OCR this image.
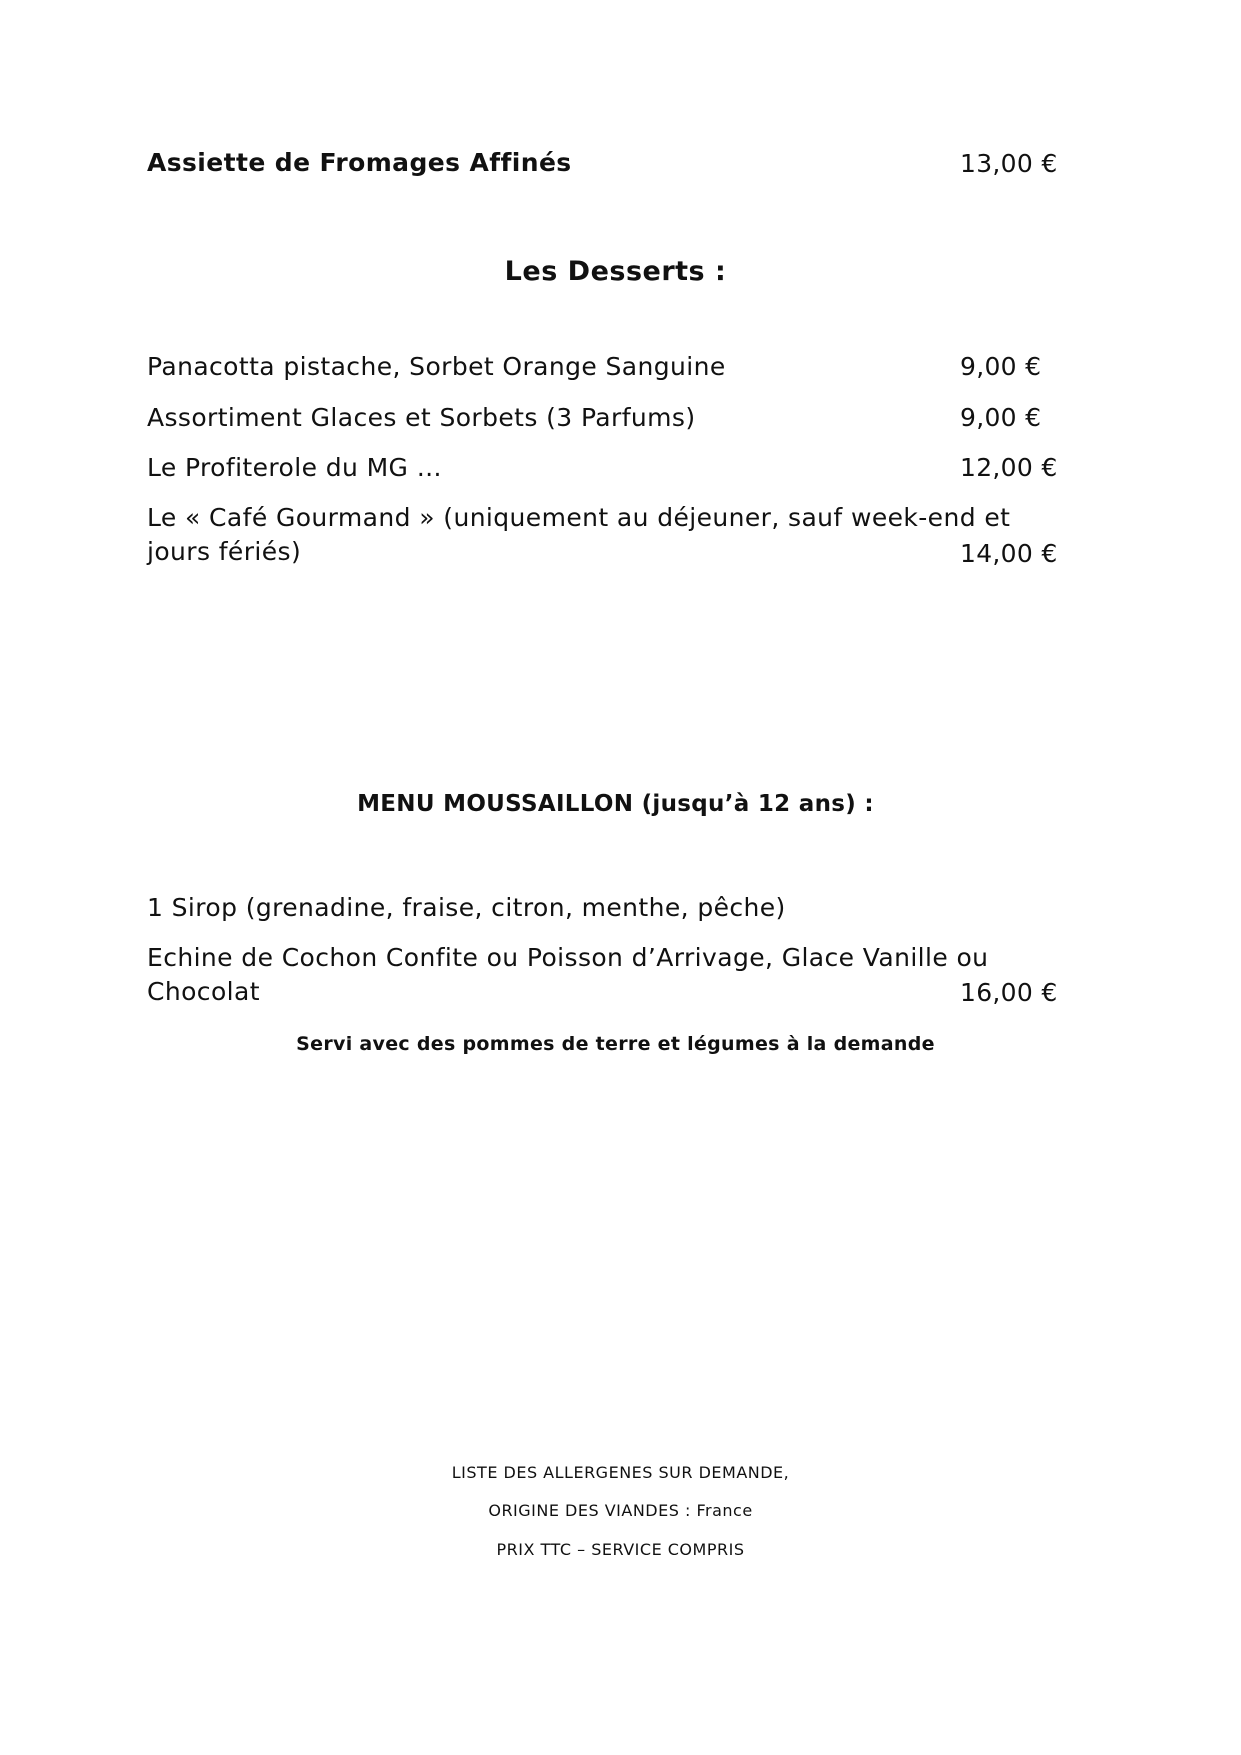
Assiette de Fromages Affinés	13,00 €
Les Desserts :
Panacotta pistache, Sorbet Orange Sanguine	9,00 €
Assortiment Glaces et Sorbets (3 Parfums)	9,00 €
Le Profiterole du MG …	12,00 €
Le « Café Gourmand » (uniquement au déjeuner, sauf week-end et
jours fériés)	14,00 €
MENU MOUSSAILLON (jusqu’à 12 ans) :
1 Sirop (grenadine, fraise, citron, menthe, pêche)
Echine de Cochon Confite ou Poisson d’Arrivage, Glace Vanille ou
Chocolat	16,00 €
Servi avec des pommes de terre et légumes à la demande
LISTE DES ALLERGENES SUR DEMANDE,
ORIGINE DES VIANDES : France
PRIX TTC – SERVICE COMPRIS
